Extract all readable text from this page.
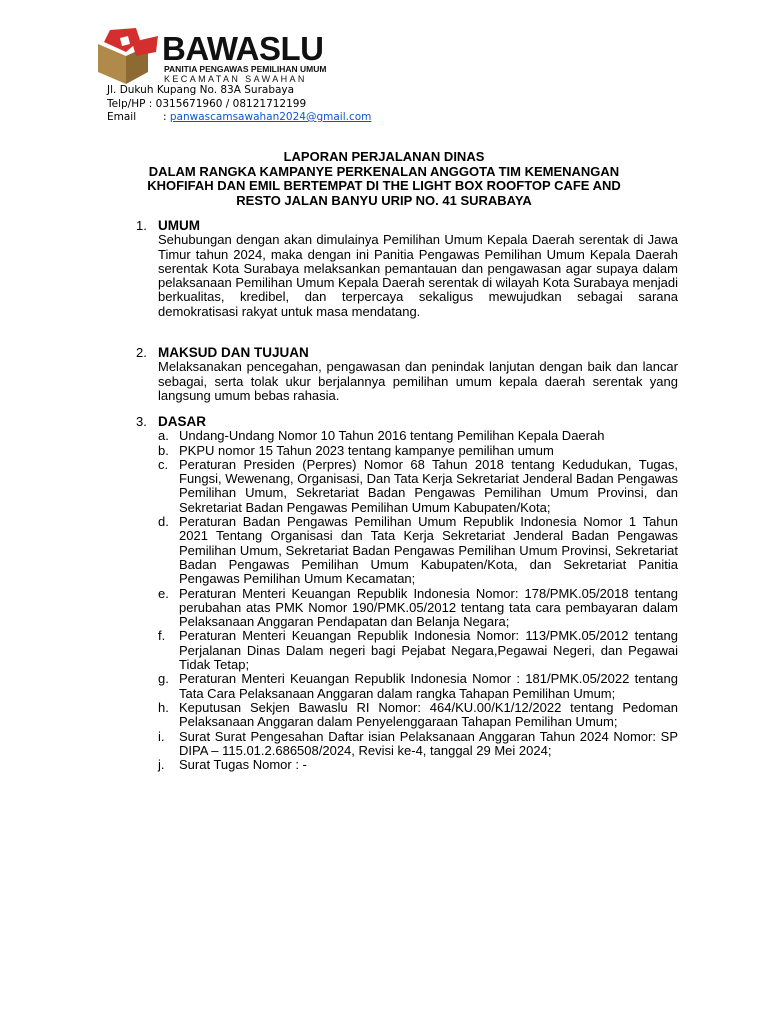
BAWASLU
PANITIA PENGAWAS PEMILIHAN UMUM
KECAMATAN SAWAHAN
Jl. Dukuh Kupang No. 83A Surabaya
Telp/HP : 0315671960 / 08121712199
Email	: panwascamsawahan2024@gmail.com
LAPORAN PERJALANAN DINAS
DALAM RANGKA KAMPANYE PERKENALAN ANGGOTA TIM KEMENANGAN
KHOFIFAH DAN EMIL BERTEMPAT DI THE LIGHT BOX ROOFTOP CAFE AND
RESTO JALAN BANYU URIP NO. 41 SURABAYA
1. UMUM

Sehubungan dengan akan dimulainya Pemilihan Umum Kepala Daerah serentak di Jawa Timur tahun 2024, maka dengan ini Panitia Pengawas Pemilihan Umum Kepala Daerah serentak Kota Surabaya melaksankan pemantauan dan pengawasan agar supaya dalam pelaksanaan Pemilihan Umum Kepala Daerah serentak di wilayah Kota Surabaya menjadi berkualitas, kredibel, dan terpercaya sekaligus mewujudkan sebagai sarana demokratisasi rakyat untuk masa mendatang.

2. MAKSUD DAN TUJUAN

Melaksanakan pencegahan, pengawasan dan penindak lanjutan dengan baik dan lancar sebagai, serta tolak ukur berjalannya pemilihan umum kepala daerah serentak yang langsung umum bebas rahasia.

3. DASAR
a. Undang-Undang Nomor 10 Tahun 2016 tentang Pemilihan Kepala Daerah
b. PKPU nomor 15 Tahun 2023 tentang kampanye pemilihan umum
c. Peraturan Presiden (Perpres) Nomor 68 Tahun 2018 tentang Kedudukan, Tugas, Fungsi, Wewenang, Organisasi, Dan Tata Kerja Sekretariat Jenderal Badan Pengawas Pemilihan Umum, Sekretariat Badan Pengawas Pemilihan Umum Provinsi, dan Sekretariat Badan Pengawas Pemilihan Umum Kabupaten/Kota;
d. Peraturan Badan Pengawas Pemilihan Umum Republik Indonesia Nomor 1 Tahun 2021 Tentang Organisasi dan Tata Kerja Sekretariat Jenderal Badan Pengawas Pemilihan Umum, Sekretariat Badan Pengawas Pemilihan Umum Provinsi, Sekretariat Badan Pengawas Pemilihan Umum Kabupaten/Kota, dan Sekretariat Panitia Pengawas Pemilihan Umum Kecamatan;
e. Peraturan Menteri Keuangan Republik Indonesia Nomor: 178/PMK.05/2018 tentang perubahan atas PMK Nomor 190/PMK.05/2012 tentang tata cara pembayaran dalam Pelaksanaan Anggaran Pendapatan dan Belanja Negara;
f.	Peraturan Menteri Keuangan Republik Indonesia Nomor: 113/PMK.05/2012 tentang Perjalanan Dinas Dalam negeri bagi Pejabat Negara,Pegawai Negeri, dan Pegawai Tidak Tetap;
g. Peraturan Menteri Keuangan Republik Indonesia Nomor : 181/PMK.05/2022 tentang Tata Cara Pelaksanaan Anggaran dalam rangka Tahapan Pemilihan Umum;
h. Keputusan Sekjen Bawaslu RI Nomor: 464/KU.00/K1/12/2022 tentang Pedoman Pelaksanaan Anggaran dalam Penyelenggaraan Tahapan Pemilihan Umum;
i.	Surat Surat Pengesahan Daftar isian Pelaksanaan Anggaran Tahun 2024 Nomor: SP DIPA – 115.01.2.686508/2024, Revisi ke-4, tanggal 29 Mei 2024;
j.	Surat Tugas Nomor : -
